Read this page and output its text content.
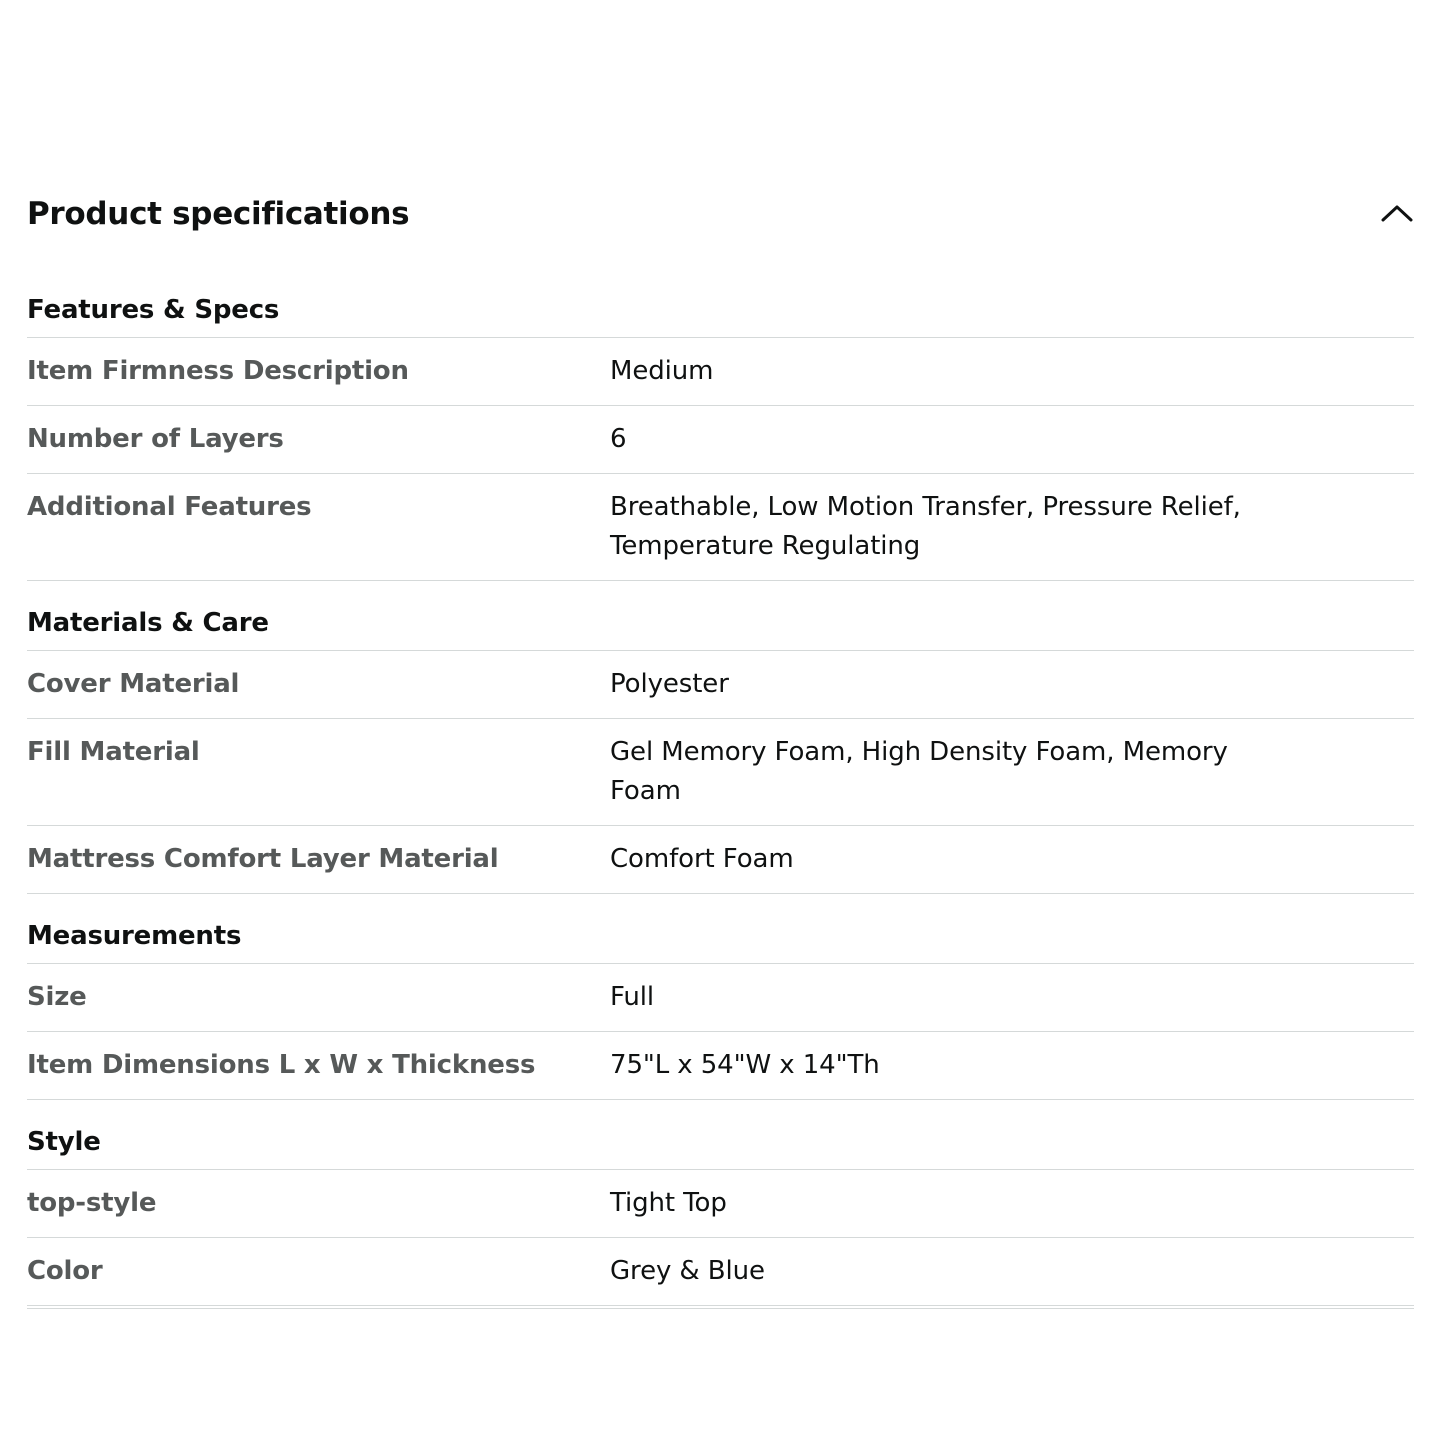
Product specifications
Features & Specs
Item Firmness Description	Medium
Number of Layers	6
Additional Features	Breathable, Low Motion Transfer, Pressure Relief, Temperature Regulating
Materials & Care
Cover Material	Polyester
Fill Material	Gel Memory Foam, High Density Foam, Memory Foam
Mattress Comfort Layer Material	Comfort Foam
Measurements
Size	Full
Item Dimensions L x W x Thickness	75"L x 54"W x 14"Th
Style
top-style	Tight Top
Color	Grey & Blue
